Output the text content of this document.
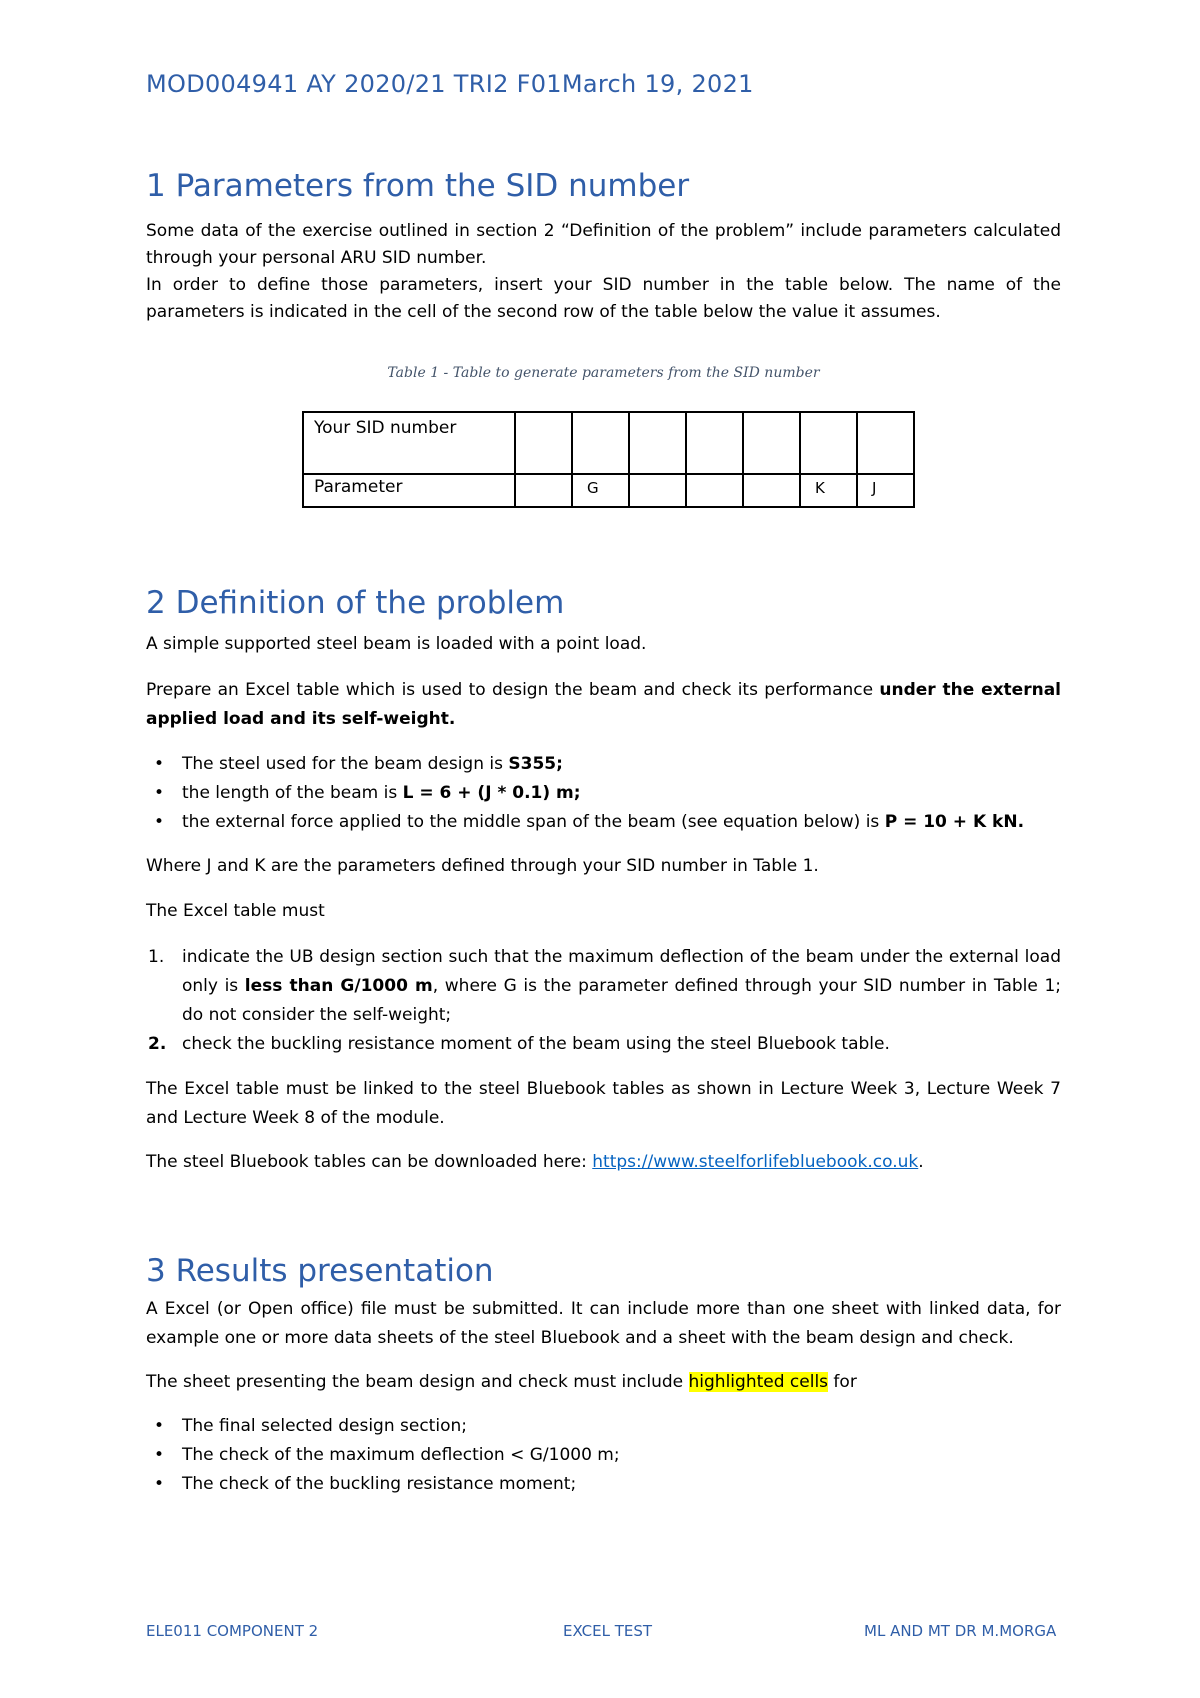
MOD004941 AY 2020/21 TRI2 F01March 19, 2021
1 Parameters from the SID number

Some data of the exercise outlined in section 2 “Definition of the problem” include parameters calculated through your personal ARU SID number.

In order to define those parameters, insert your SID number in the table below. The name of the parameters is indicated in the cell of the second row of the table below the value it assumes.

Table 1 - Table to generate parameters from the SID number

Your SID number							
Parameter		G				K	J
2 Definition of the problem

A simple supported steel beam is loaded with a point load.

Prepare an Excel table which is used to design the beam and check its performance under the external applied load and its self-weight.

• The steel used for the beam design is S355;
• the length of the beam is L = 6 + (J * 0.1) m;
• the external force applied to the middle span of the beam (see equation below) is P = 10 + K kN.

Where J and K are the parameters defined through your SID number in Table 1.

The Excel table must

1. indicate the UB design section such that the maximum deflection of the beam under the external load only is less than G/1000 m, where G is the parameter defined through your SID number in Table 1; do not consider the self-weight;
2. check the buckling resistance moment of the beam using the steel Bluebook table.

The Excel table must be linked to the steel Bluebook tables as shown in Lecture Week 3, Lecture Week 7 and Lecture Week 8 of the module.

The steel Bluebook tables can be downloaded here: https://www.steelforlifebluebook.co.uk.

3 Results presentation

A Excel (or Open office) file must be submitted. It can include more than one sheet with linked data, for example one or more data sheets of the steel Bluebook and a sheet with the beam design and check.

The sheet presenting the beam design and check must include highlighted cells for

• The final selected design section;
• The check of the maximum deflection < G/1000 m;
• The check of the buckling resistance moment;
ELE011 COMPONENT 2	EXCEL TEST	ML AND MT DR M.MORGA
